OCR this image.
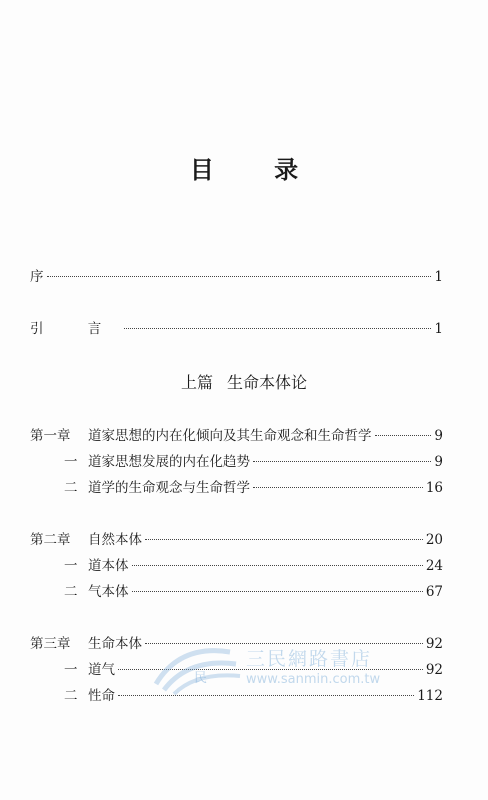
目 录
序	1
引 言	1
上篇 生命本体论
第一章 道家思想的内在化倾向及其生命观念和生命哲学	9
一 道家思想发展的内在化趋势	9
二 道学的生命观念与生命哲学	16
第二章 自然本体	20
一 道本体	24
二 气本体	67
第三章 生命本体	92
一 道气	92
二 性命	112
民
三民網路書店
www.sanmin.com.tw
